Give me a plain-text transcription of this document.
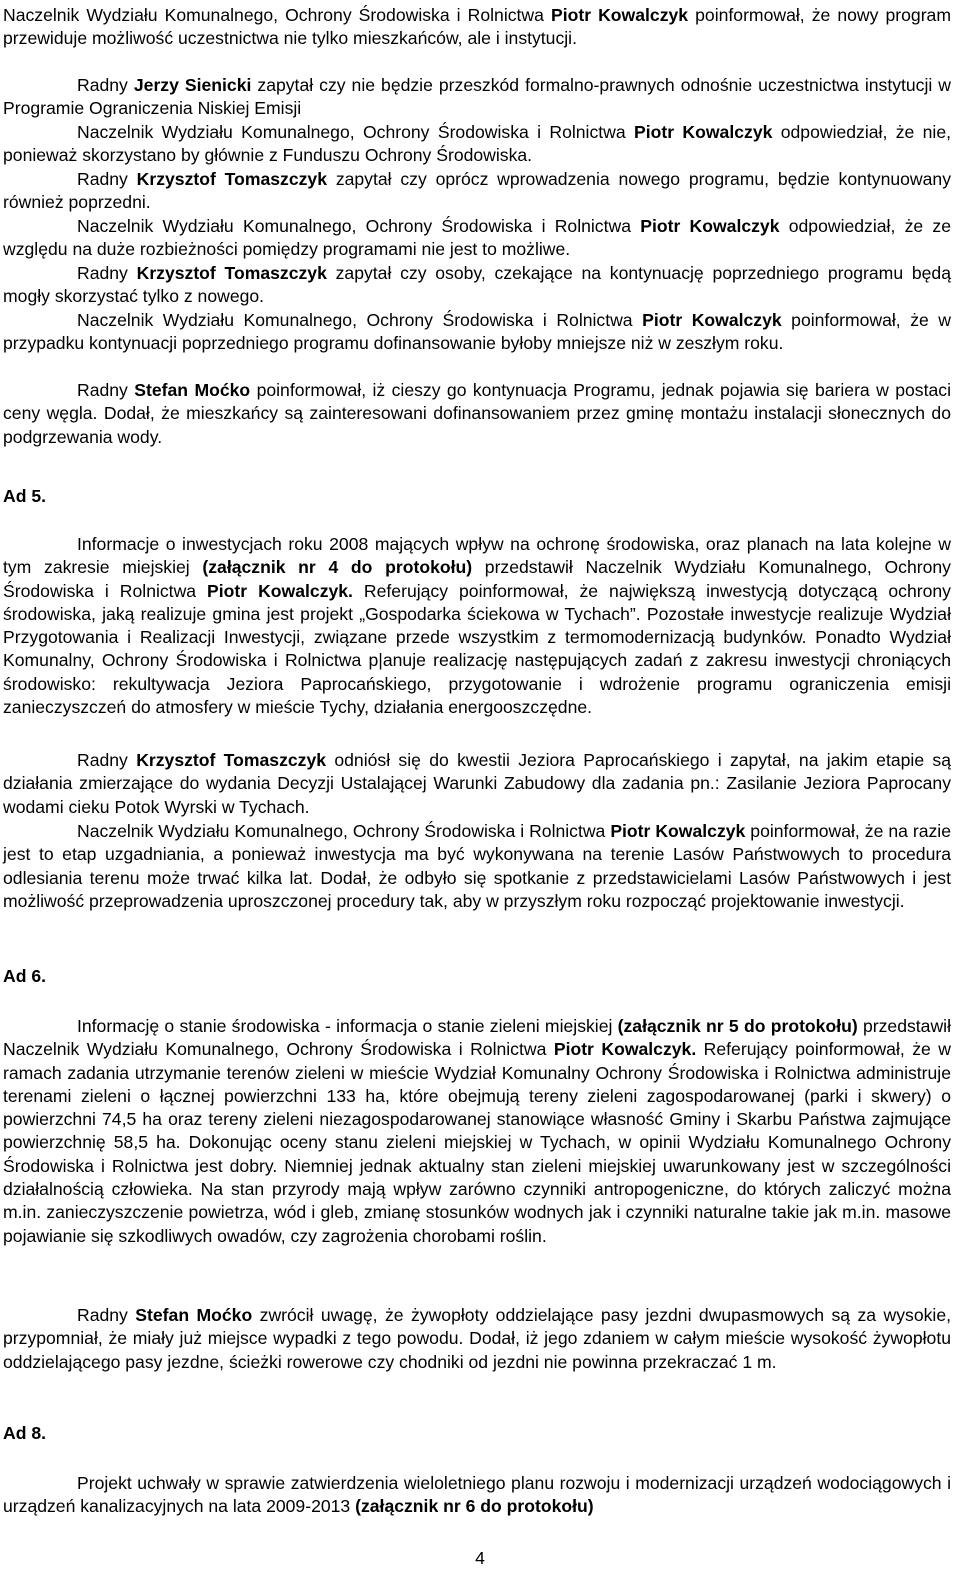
Naczelnik Wydziału Komunalnego, Ochrony Środowiska i Rolnictwa Piotr Kowalczyk poinformował, że nowy program przewiduje możliwość uczestnictwa nie tylko mieszkańców, ale i instytucji.

Radny Jerzy Sienicki zapytał czy nie będzie przeszkód formalno-prawnych odnośnie uczestnictwa instytucji w Programie Ograniczenia Niskiej Emisji

Naczelnik Wydziału Komunalnego, Ochrony Środowiska i Rolnictwa Piotr Kowalczyk odpowiedział, że nie, ponieważ skorzystano by głównie z Funduszu Ochrony Środowiska.

Radny Krzysztof Tomaszczyk zapytał czy oprócz wprowadzenia nowego programu, będzie kontynuowany również poprzedni.

Naczelnik Wydziału Komunalnego, Ochrony Środowiska i Rolnictwa Piotr Kowalczyk odpowiedział, że ze względu na duże rozbieżności pomiędzy programami nie jest to możliwe.

Radny Krzysztof Tomaszczyk zapytał czy osoby, czekające na kontynuację poprzedniego programu będą mogły skorzystać tylko z nowego.

Naczelnik Wydziału Komunalnego, Ochrony Środowiska i Rolnictwa Piotr Kowalczyk poinformował, że w przypadku kontynuacji poprzedniego programu dofinansowanie byłoby mniejsze niż w zeszłym roku.

Radny Stefan Moćko poinformował, iż cieszy go kontynuacja Programu, jednak pojawia się bariera w postaci ceny węgla. Dodał, że mieszkańcy są zainteresowani dofinansowaniem przez gminę montażu instalacji słonecznych do podgrzewania wody.

Ad 5.

Informacje o inwestycjach roku 2008 mających wpływ na ochronę środowiska, oraz planach na lata kolejne w tym zakresie miejskiej (załącznik nr 4 do protokołu) przedstawił Naczelnik Wydziału Komunalnego, Ochrony Środowiska i Rolnictwa Piotr Kowalczyk. Referujący poinformował, że największą inwestycją dotyczącą ochrony środowiska, jaką realizuje gmina jest projekt „Gospodarka ściekowa w Tychach”. Pozostałe inwestycje realizuje Wydział Przygotowania i Realizacji Inwestycji, związane przede wszystkim z termomodernizacją budynków. Ponadto Wydział Komunalny, Ochrony Środowiska i Rolnictwa p|anuje realizację następujących zadań z zakresu inwestycji chroniących środowisko: rekultywacja Jeziora Paprocańskiego, przygotowanie i wdrożenie programu ograniczenia emisji zanieczyszczeń do atmosfery w mieście Tychy, działania energooszczędne.

Radny Krzysztof Tomaszczyk odniósł się do kwestii Jeziora Paprocańskiego i zapytał, na jakim etapie są działania zmierzające do wydania Decyzji Ustalającej Warunki Zabudowy dla zadania pn.: Zasilanie Jeziora Paprocany wodami cieku Potok Wyrski w Tychach.

Naczelnik Wydziału Komunalnego, Ochrony Środowiska i Rolnictwa Piotr Kowalczyk poinformował, że na razie jest to etap uzgadniania, a ponieważ inwestycja ma być wykonywana na terenie Lasów Państwowych to procedura odlesiania terenu może trwać kilka lat. Dodał, że odbyło się spotkanie z przedstawicielami Lasów Państwowych i jest możliwość przeprowadzenia uproszczonej procedury tak, aby w przyszłym roku rozpocząć projektowanie inwestycji.

Ad 6.

Informację o stanie środowiska - informacja o stanie zieleni miejskiej (załącznik nr 5 do protokołu) przedstawił Naczelnik Wydziału Komunalnego, Ochrony Środowiska i Rolnictwa Piotr Kowalczyk. Referujący poinformował, że w ramach zadania utrzymanie terenów zieleni w mieście Wydział Komunalny Ochrony Środowiska i Rolnictwa administruje terenami zieleni o łącznej powierzchni 133 ha, które obejmują tereny zieleni zagospodarowanej (parki i skwery) o powierzchni 74,5 ha oraz tereny zieleni niezagospodarowanej stanowiące własność Gminy i Skarbu Państwa zajmujące powierzchnię 58,5 ha. Dokonując oceny stanu zieleni miejskiej w Tychach, w opinii Wydziału Komunalnego Ochrony Środowiska i Rolnictwa jest dobry. Niemniej jednak aktualny stan zieleni miejskiej uwarunkowany jest w szczególności działalnością człowieka. Na stan przyrody mają wpływ zarówno czynniki antropogeniczne, do których zaliczyć można m.in. zanieczyszczenie powietrza, wód i gleb, zmianę stosunków wodnych jak i czynniki naturalne takie jak m.in. masowe pojawianie się szkodliwych owadów, czy zagrożenia chorobami roślin.

Radny Stefan Moćko zwrócił uwagę, że żywopłoty oddzielające pasy jezdni dwupasmowych są za wysokie, przypomniał, że miały już miejsce wypadki z tego powodu. Dodał, iż jego zdaniem w całym mieście wysokość żywopłotu oddzielającego pasy jezdne, ścieżki rowerowe czy chodniki od jezdni nie powinna przekraczać 1 m.

Ad 8.

Projekt uchwały w sprawie zatwierdzenia wieloletniego planu rozwoju i modernizacji urządzeń wodociągowych i urządzeń kanalizacyjnych na lata 2009-2013 (załącznik nr 6 do protokołu)

4
